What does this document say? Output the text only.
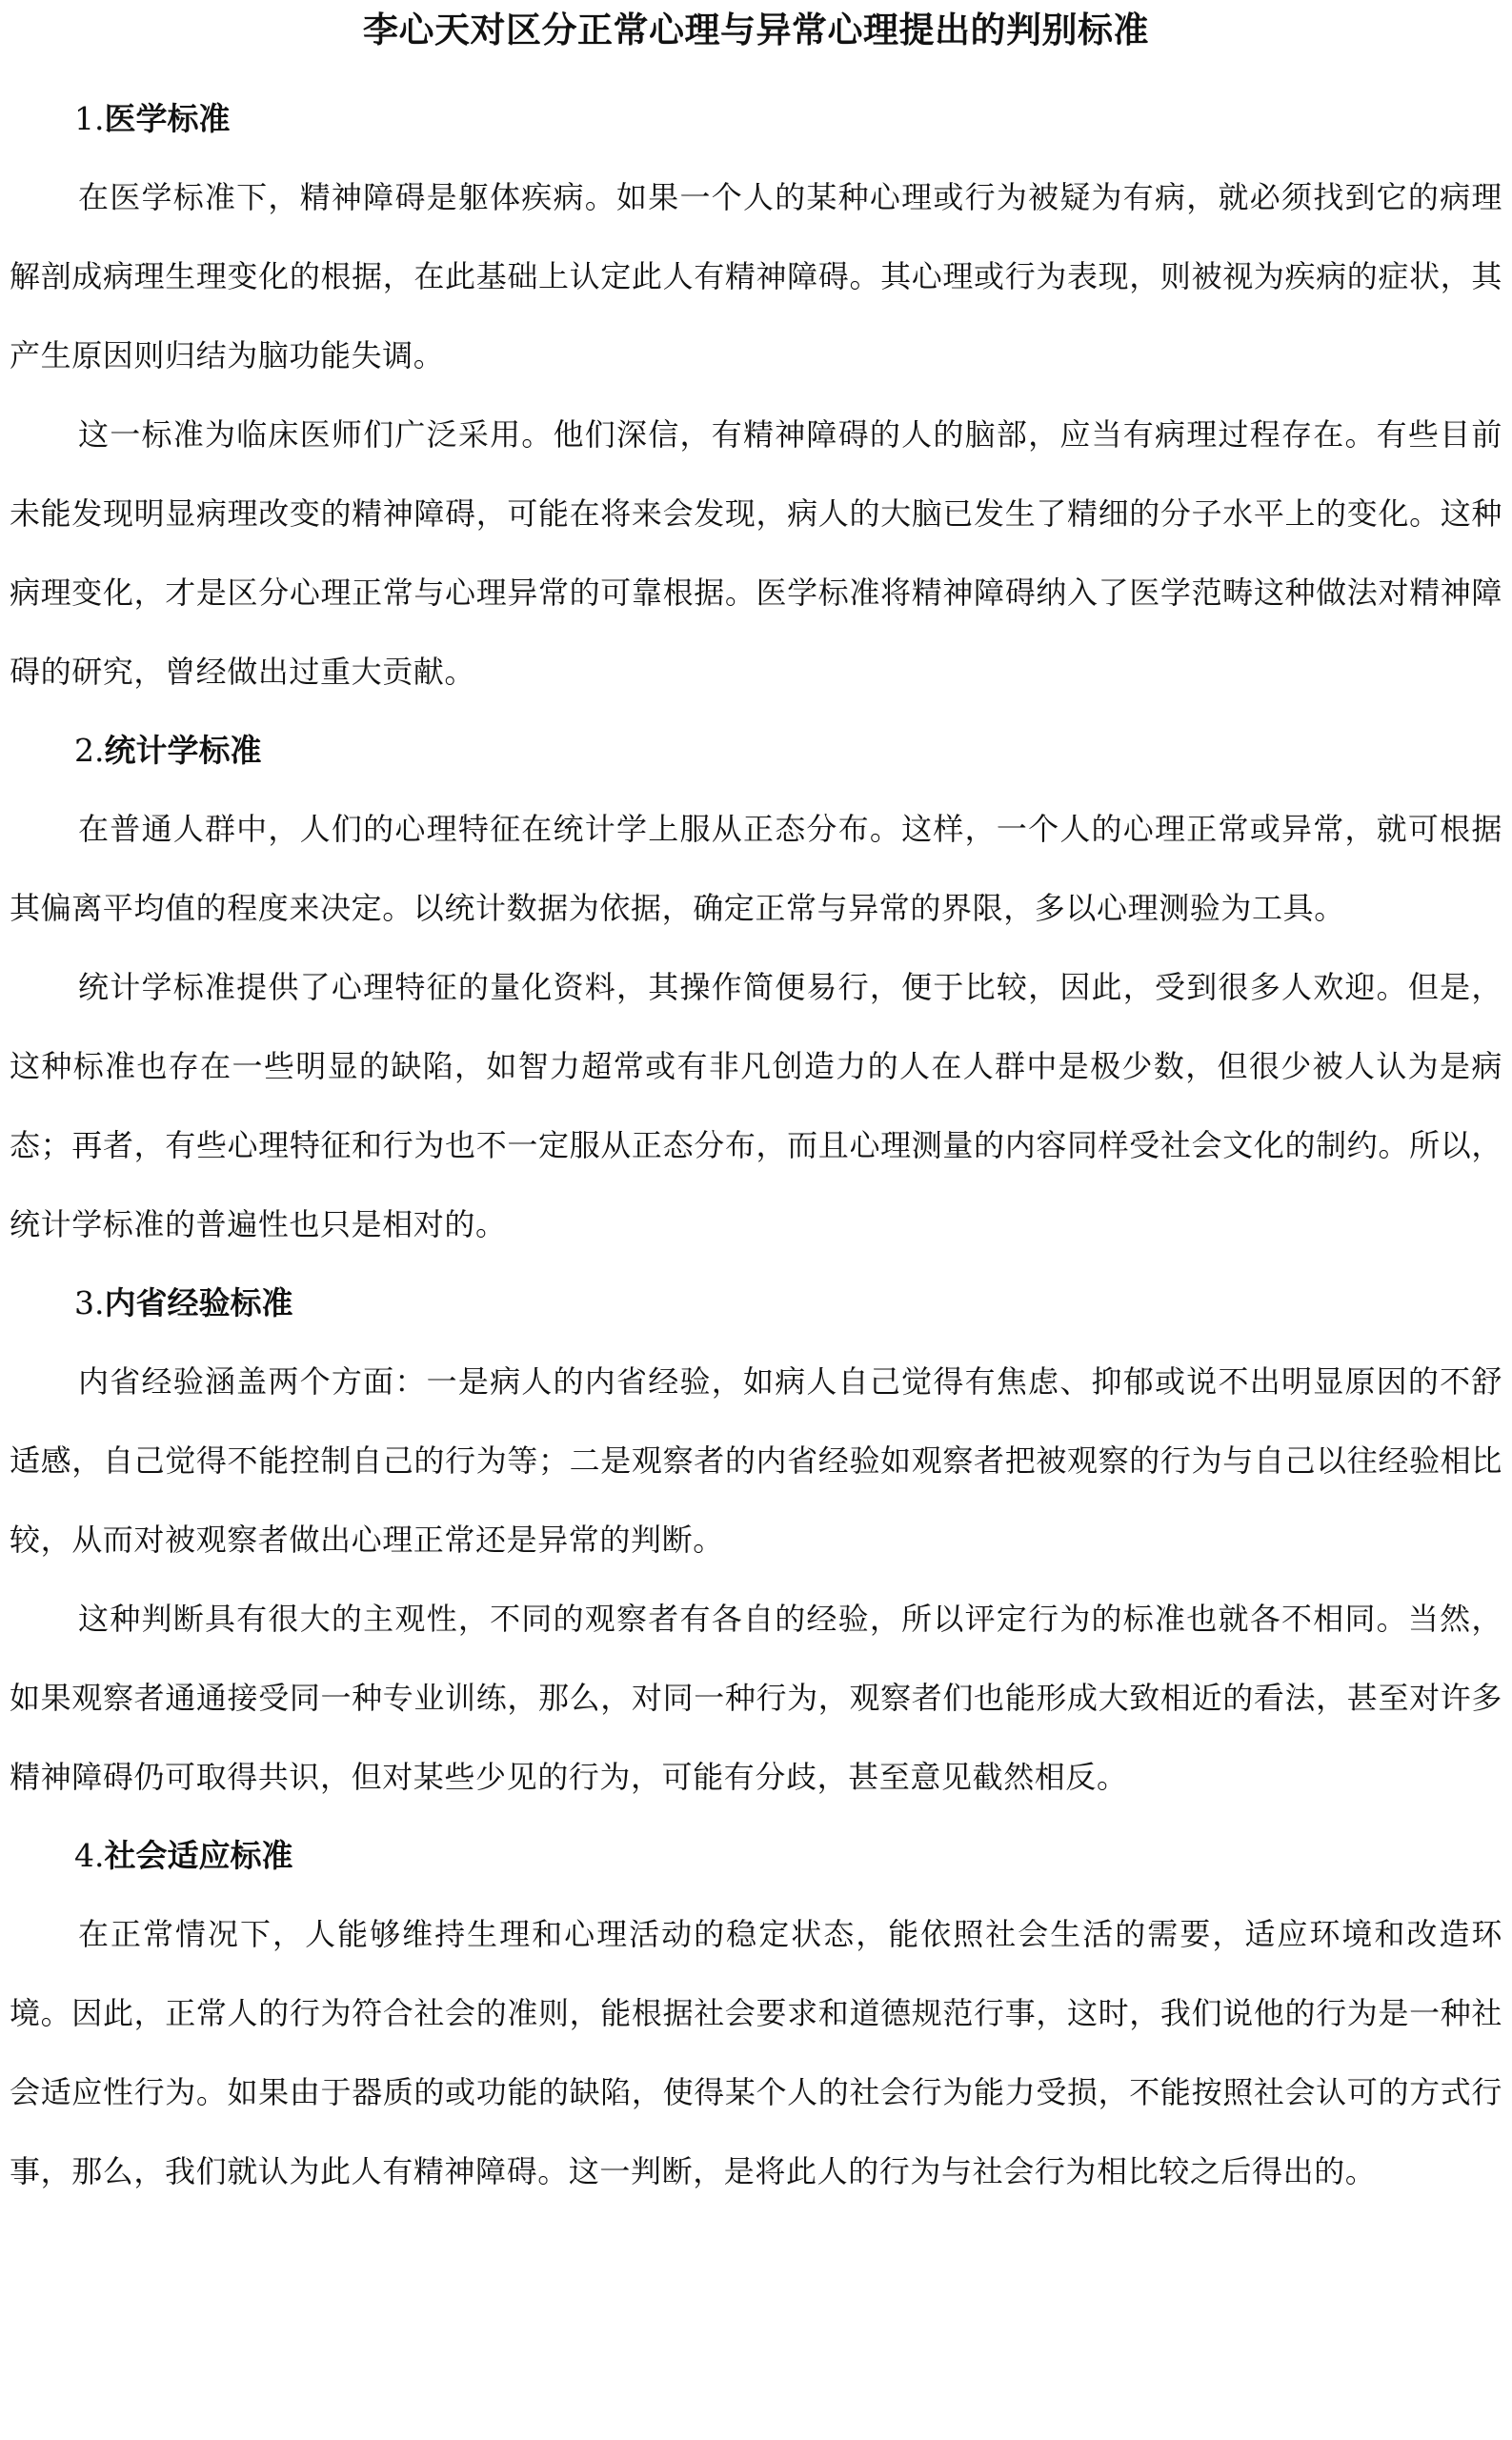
李心天对区分正常心理与异常心理提出的判别标准
1.医学标准

在医学标准下，精神障碍是躯体疾病。如果一个人的某种心理或行为被疑为有病，就必须找到它的病理解剖成病理生理变化的根据，在此基础上认定此人有精神障碍。其心理或行为表现，则被视为疾病的症状，其产生原因则归结为脑功能失调。

这一标准为临床医师们广泛采用。他们深信，有精神障碍的人的脑部，应当有病理过程存在。有些目前未能发现明显病理改变的精神障碍，可能在将来会发现，病人的大脑已发生了精细的分子水平上的变化。这种病理变化，才是区分心理正常与心理异常的可靠根据。医学标准将精神障碍纳入了医学范畴这种做法对精神障碍的研究，曾经做出过重大贡献。

2.统计学标准

在普通人群中，人们的心理特征在统计学上服从正态分布。这样，一个人的心理正常或异常，就可根据其偏离平均值的程度来决定。以统计数据为依据，确定正常与异常的界限，多以心理测验为工具。

统计学标准提供了心理特征的量化资料，其操作简便易行，便于比较，因此，受到很多人欢迎。但是，这种标准也存在一些明显的缺陷，如智力超常或有非凡创造力的人在人群中是极少数，但很少被人认为是病态；再者，有些心理特征和行为也不一定服从正态分布，而且心理测量的内容同样受社会文化的制约。所以，统计学标准的普遍性也只是相对的。

3.内省经验标准

内省经验涵盖两个方面：一是病人的内省经验，如病人自己觉得有焦虑、抑郁或说不出明显原因的不舒适感，自己觉得不能控制自己的行为等；二是观察者的内省经验如观察者把被观察的行为与自己以往经验相比较，从而对被观察者做出心理正常还是异常的判断。

这种判断具有很大的主观性，不同的观察者有各自的经验，所以评定行为的标准也就各不相同。当然，如果观察者通通接受同一种专业训练，那么，对同一种行为，观察者们也能形成大致相近的看法，甚至对许多精神障碍仍可取得共识，但对某些少见的行为，可能有分歧，甚至意见截然相反。

4.社会适应标准

在正常情况下，人能够维持生理和心理活动的稳定状态，能依照社会生活的需要，适应环境和改造环境。因此，正常人的行为符合社会的准则，能根据社会要求和道德规范行事，这时，我们说他的行为是一种社会适应性行为。如果由于器质的或功能的缺陷，使得某个人的社会行为能力受损，不能按照社会认可的方式行事，那么，我们就认为此人有精神障碍。这一判断，是将此人的行为与社会行为相比较之后得出的。
